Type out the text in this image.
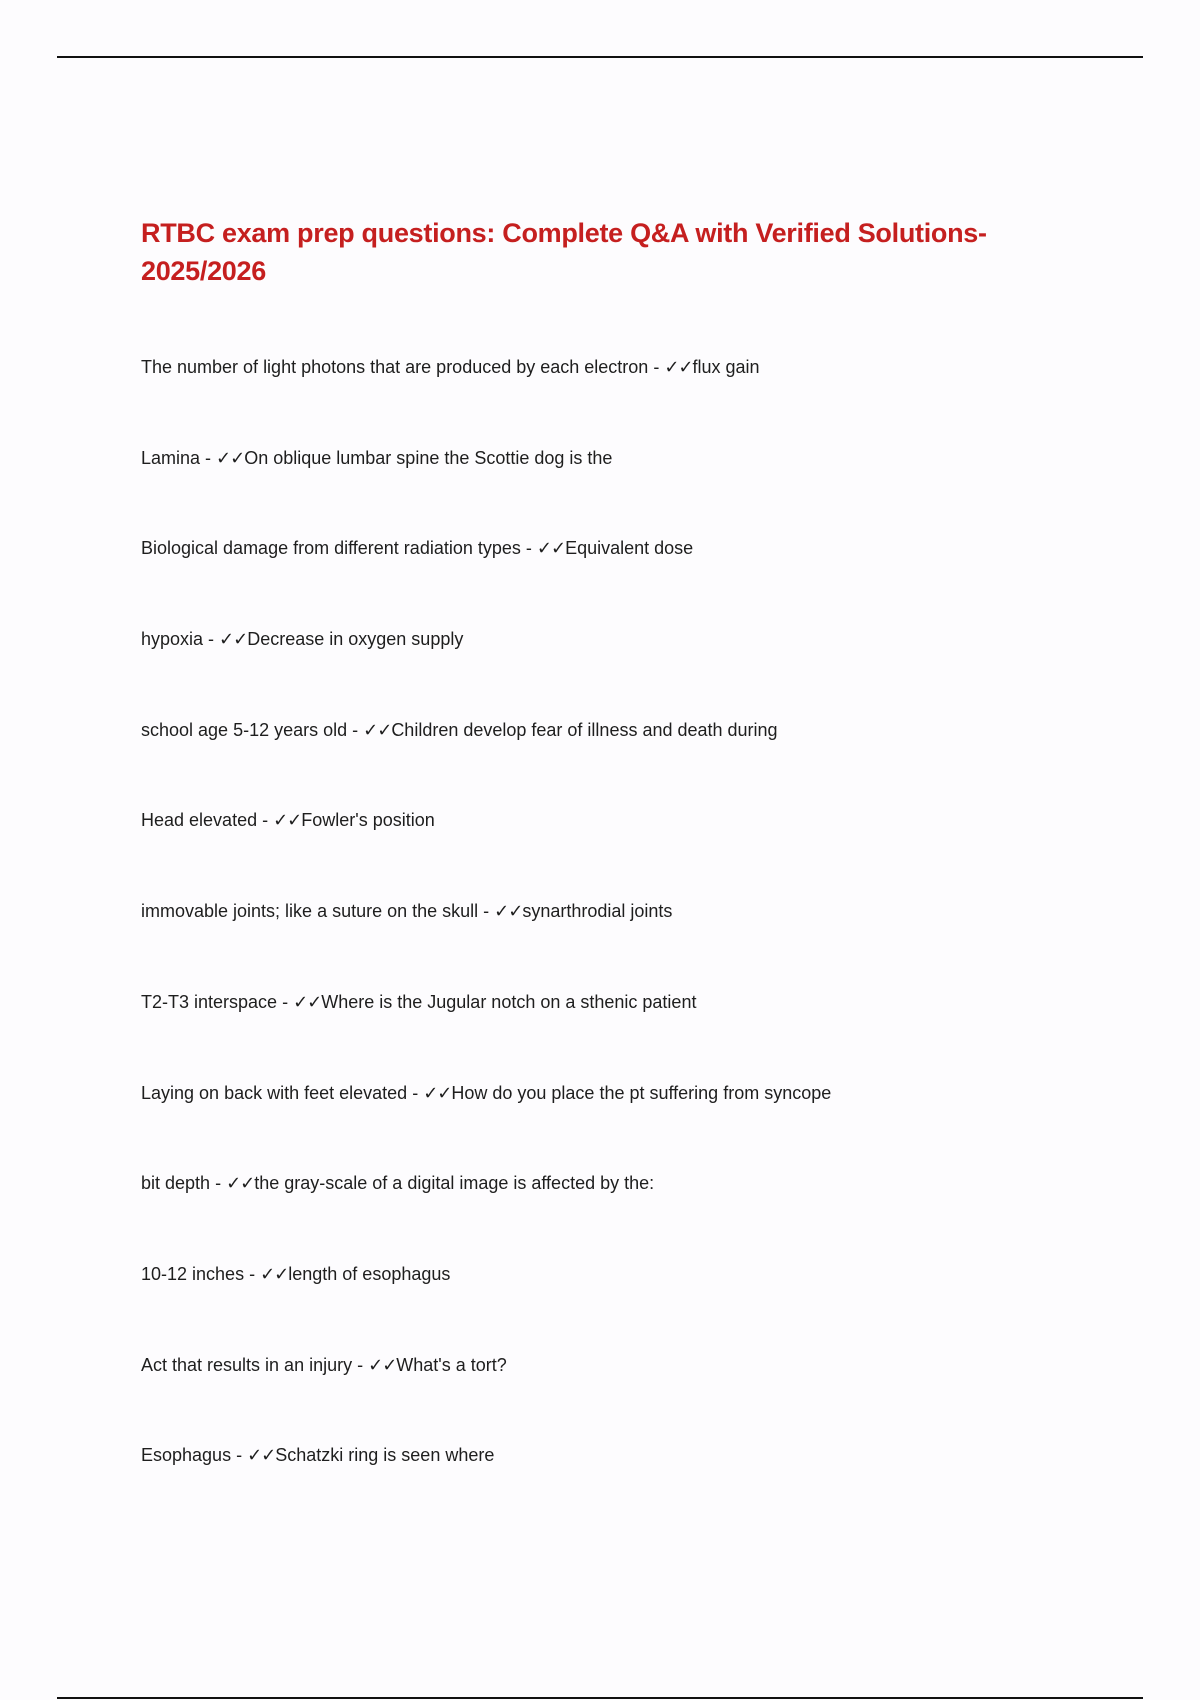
RTBC exam prep questions: Complete Q&A with Verified Solutions- 2025/2026
The number of light photons that are produced by each electron - ✓✓flux gain
Lamina - ✓✓On oblique lumbar spine the Scottie dog is the
Biological damage from different radiation types - ✓✓Equivalent dose
hypoxia - ✓✓Decrease in oxygen supply
school age 5-12 years old - ✓✓Children develop fear of illness and death during
Head elevated - ✓✓Fowler's position
immovable joints; like a suture on the skull - ✓✓synarthrodial joints
T2-T3 interspace - ✓✓Where is the Jugular notch on a sthenic patient
Laying on back with feet elevated - ✓✓How do you place the pt suffering from syncope
bit depth - ✓✓the gray-scale of a digital image is affected by the:
10-12 inches - ✓✓length of esophagus
Act that results in an injury - ✓✓What's a tort?
Esophagus - ✓✓Schatzki ring is seen where
